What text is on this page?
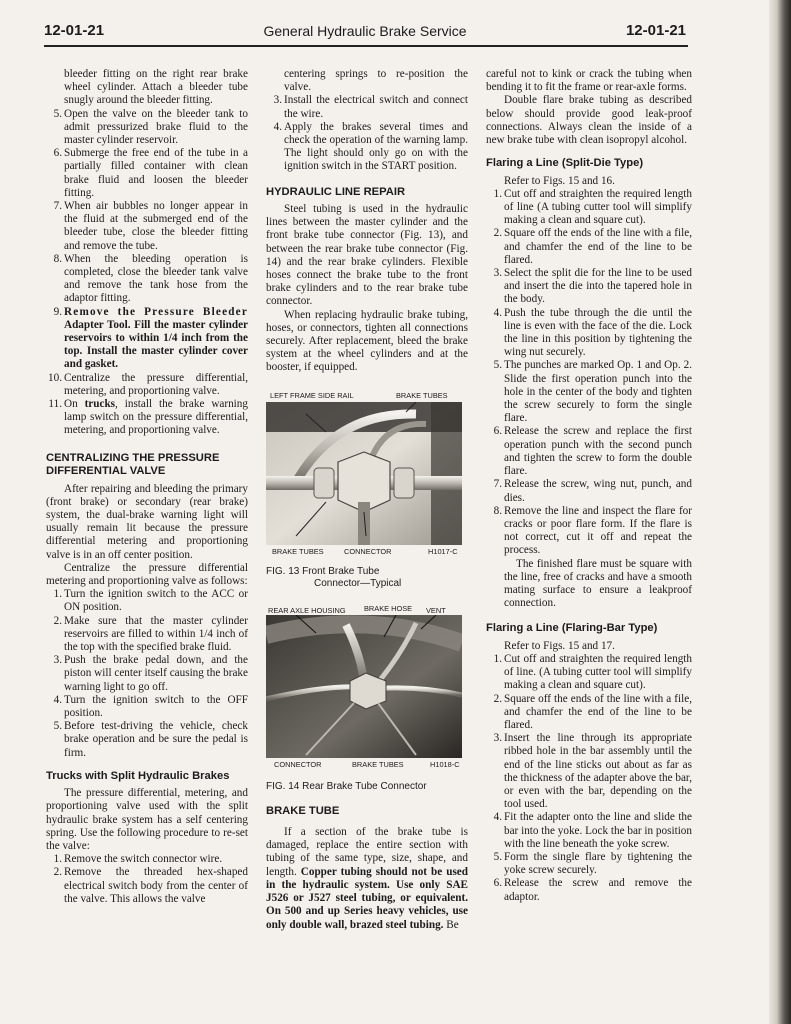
12-01-21	General Hydraulic Brake Service	12-01-21
bleeder fitting on the right rear brake wheel cylinder. Attach a bleeder tube snugly around the bleeder fitting.
5. Open the valve on the bleeder tank to admit pressurized brake fluid to the master cylinder reservoir.
6. Submerge the free end of the tube in a partially filled container with clean brake fluid and loosen the bleeder fitting.
7. When air bubbles no longer appear in the fluid at the submerged end of the bleeder tube, close the bleeder fitting and remove the tube.
8. When the bleeding operation is completed, close the bleeder tank valve and remove the tank hose from the adaptor fitting.
9. Remove the Pressure Bleeder Adapter Tool. Fill the master cylinder reservoirs to within 1/4 inch from the top. Install the master cylinder cover and gasket.
10. Centralize the pressure differential, metering, and proportioning valve.
11. On trucks, install the brake warning lamp switch on the pressure differential, metering, and proportioning valve.
CENTRALIZING THE PRESSURE DIFFERENTIAL VALVE

After repairing and bleeding the primary (front brake) or secondary (rear brake) system, the dual-brake warning light will usually remain lit because the pressure differential metering and proportioning valve is in an off center position.

Centralize the pressure differential metering and proportioning valve as follows:

1. Turn the ignition switch to the ACC or ON position.
2. Make sure that the master cylinder reservoirs are filled to within 1/4 inch of the top with the specified brake fluid.
3. Push the brake pedal down, and the piston will center itself causing the brake warning light to go off.
4. Turn the ignition switch to the OFF position.
5. Before test-driving the vehicle, check brake operation and be sure the pedal is firm.
Trucks with Split Hydraulic Brakes

The pressure differential, metering, and proportioning valve used with the split hydraulic brake system has a self centering spring. Use the following procedure to re-set the valve:

1. Remove the switch connector wire.
2. Remove the threaded hex-shaped electrical switch body from the center of the valve. This allows the valve
centering springs to re-position the valve.
3. Install the electrical switch and connect the wire.
4. Apply the brakes several times and check the operation of the warning lamp. The light should only go on with the ignition switch in the START position.
HYDRAULIC LINE REPAIR

Steel tubing is used in the hydraulic lines between the master cylinder and the front brake tube connector (Fig. 13), and between the rear brake tube connector (Fig. 14) and the rear brake cylinders. Flexible hoses connect the brake tube to the front brake cylinders and to the rear brake tube connector.

When replacing hydraulic brake tubing, hoses, or connectors, tighten all connections securely. After replacement, bleed the brake system at the wheel cylinders and at the booster, if equipped.

LEFT FRAME SIDE RAIL	BRAKE TUBES
BRAKE TUBES	CONNECTOR	H1017-C
FIG. 13 Front Brake Tube
Connector—Typical
REAR AXLE HOUSING BRAKE HOSE VENT
CONNECTOR	BRAKE TUBES	H1018-C
FIG. 14 Rear Brake Tube Connector
BRAKE TUBE

If a section of the brake tube is damaged, replace the entire section with tubing of the same type, size, shape, and length. Copper tubing should not be used in the hydraulic system. Use only SAE J526 or J527 steel tubing, or equivalent. On 500 and up Series heavy vehicles, use only double wall, brazed steel tubing. Be

careful not to kink or crack the tubing when bending it to fit the frame or rear-axle forms.

Double flare brake tubing as described below should provide good leak-proof connections. Always clean the inside of a new brake tube with clean isopropyl alcohol.

Flaring a Line (Split-Die Type)

Refer to Figs. 15 and 16.

1. Cut off and straighten the required length of line (A tubing cutter tool will simplify making a clean and square cut).
2. Square off the ends of the line with a file, and chamfer the end of the line to be flared.
3. Select the split die for the line to be used and insert the die into the tapered hole in the body.
4. Push the tube through the die until the line is even with the face of the die. Lock the line in this position by tightening the wing nut securely.
5. The punches are marked Op. 1 and Op. 2. Slide the first operation punch into the hole in the center of the body and tighten the screw securely to form the single flare.
6. Release the screw and replace the first operation punch with the second punch and tighten the screw to form the double flare.
7. Release the screw, wing nut, punch, and dies.
8. Remove the line and inspect the flare for cracks or poor flare form. If the flare is not correct, cut it off and repeat the process.

The finished flare must be square with the line, free of cracks and have a smooth mating surface to ensure a leakproof connection.

Flaring a Line (Flaring-Bar Type)

Refer to Figs. 15 and 17.

1. Cut off and straighten the required length of line. (A tubing cutter tool will simplify making a clean and square cut).
2. Square off the ends of the line with a file, and chamfer the end of the line to be flared.
3. Insert the line through its appropriate ribbed hole in the bar assembly until the end of the line sticks out about as far as the thickness of the adapter above the bar, or even with the bar, depending on the tool used.
4. Fit the adapter onto the line and slide the bar into the yoke. Lock the bar in position with the line beneath the yoke screw.
5. Form the single flare by tightening the yoke screw securely.
6. Release the screw and remove the adaptor.
